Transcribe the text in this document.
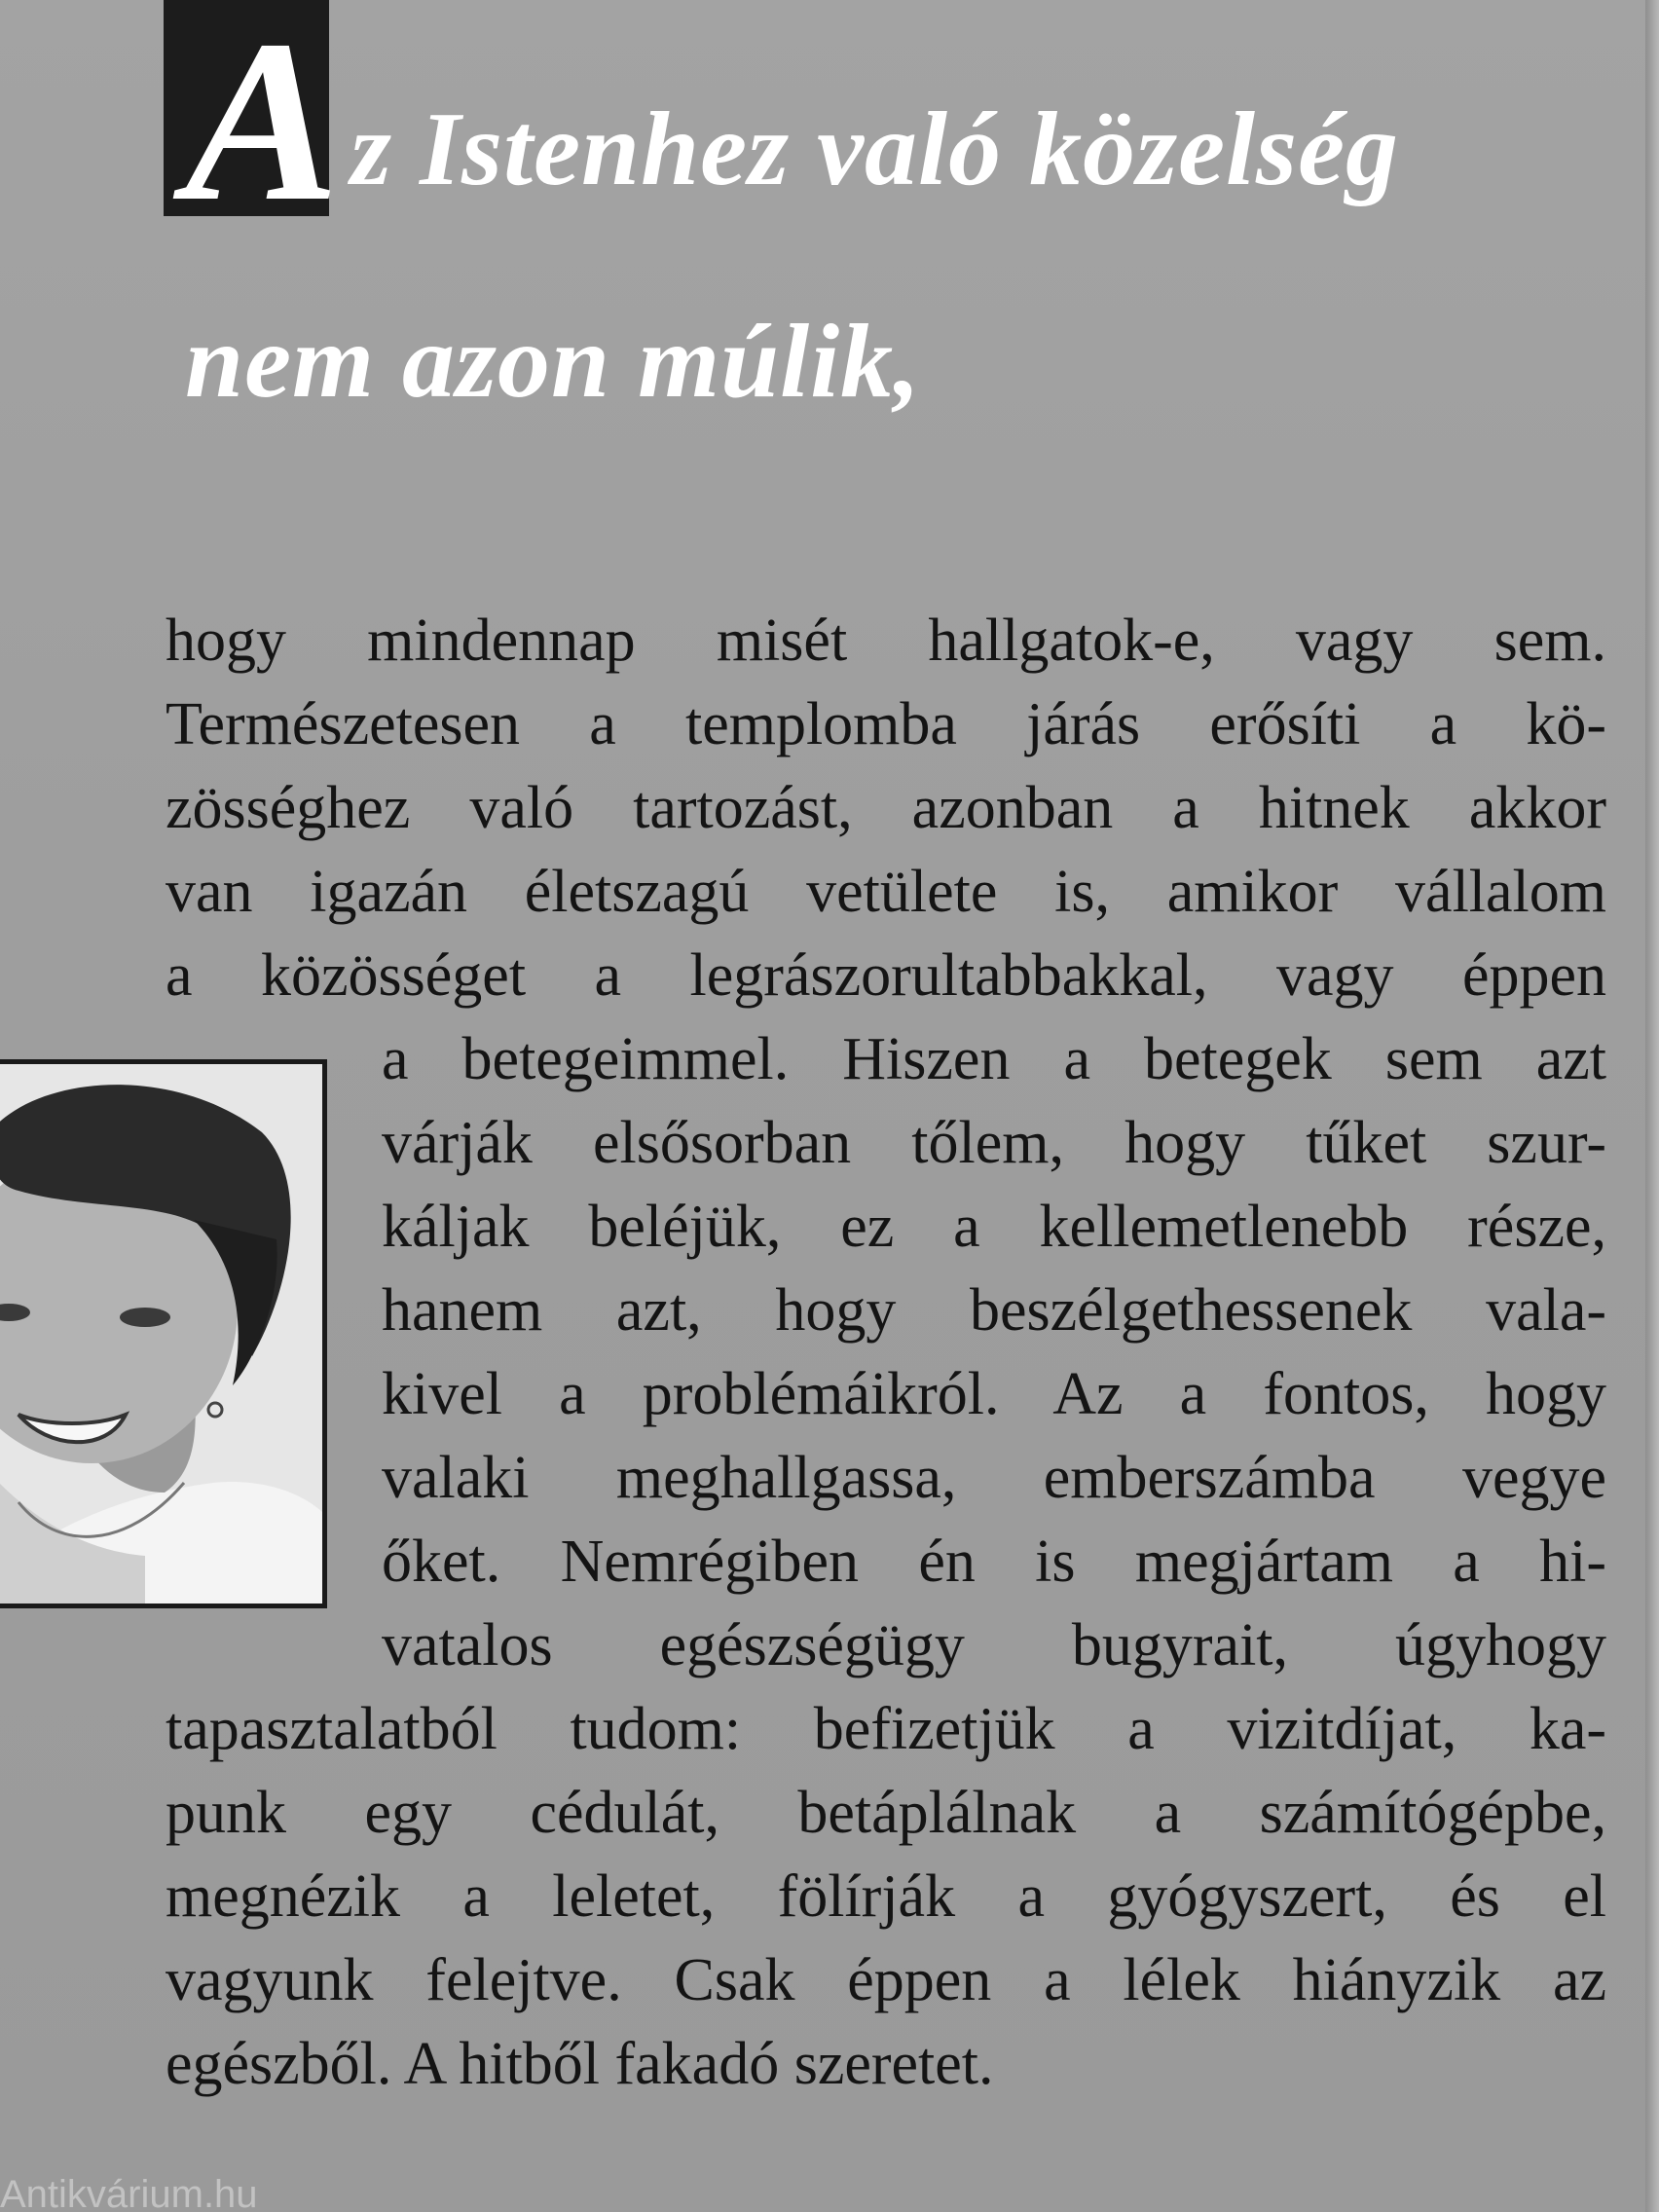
A z Istenhez való közelség
nem azon múlik,
hogy mindennap misét hallgatok-e, vagy sem.
Természetesen a templomba járás erősíti a kö-
zösséghez való tartozást, azonban a hitnek akkor
van igazán életszagú vetülete is, amikor vállalom
a közösséget a legrászorultabbakkal, vagy éppen
a betegeimmel. Hiszen a betegek sem azt
várják elsősorban tőlem, hogy tűket szur-
káljak beléjük, ez a kellemetlenebb része,
hanem azt, hogy beszélgethessenek vala-
kivel a problémáikról. Az a fontos, hogy
valaki meghallgassa, emberszámba vegye
őket. Nemrégiben én is megjártam a hi-
vatalos egészségügy bugyrait, úgyhogy
tapasztalatból tudom: befizetjük a vizitdíjat, ka-
punk egy cédulát, betáplálnak a számítógépbe,
megnézik a leletet, fölírják a gyógyszert, és el
vagyunk felejtve. Csak éppen a lélek hiányzik az
egészből. A hitből fakadó szeretet.
Antikvárium.hu
